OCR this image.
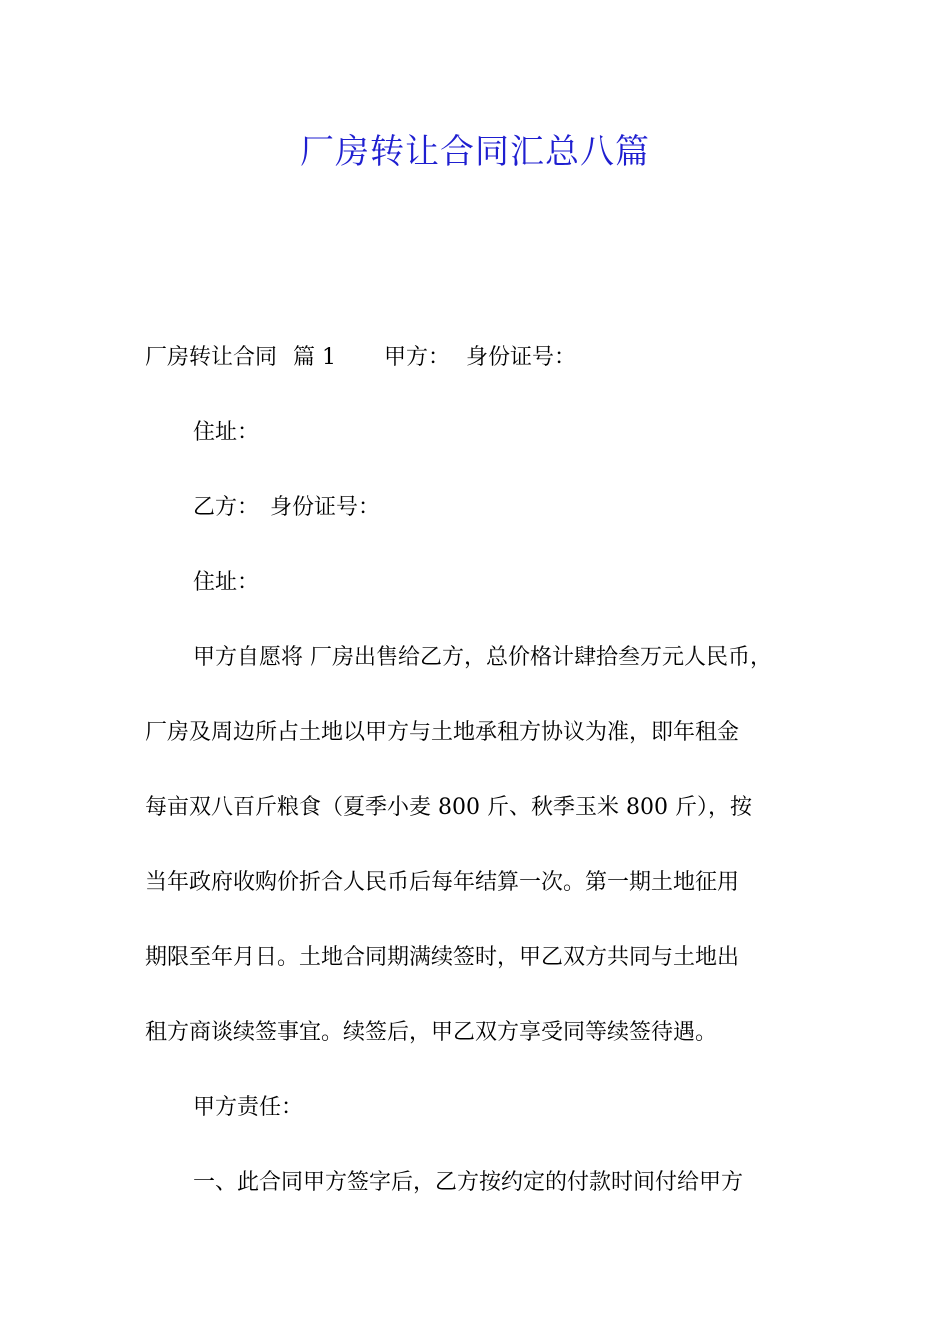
厂房转让合同汇总八篇
厂房转让合同 篇 1 甲方： 身份证号：
住址：
乙方：　身份证号：
住址：
甲方自愿将 厂房出售给乙方，总价格计肆拾叁万元人民币，
厂房及周边所占土地以甲方与土地承租方协议为准，即年租金
每亩双八百斤粮食（夏季小麦 800 斤、秋季玉米 800 斤），按
当年政府收购价折合人民币后每年结算一次。第一期土地征用
期限至年月日。土地合同期满续签时，甲乙双方共同与土地出
租方商谈续签事宜。续签后，甲乙双方享受同等续签待遇。
甲方责任：
一、此合同甲方签字后，乙方按约定的付款时间付给甲方
